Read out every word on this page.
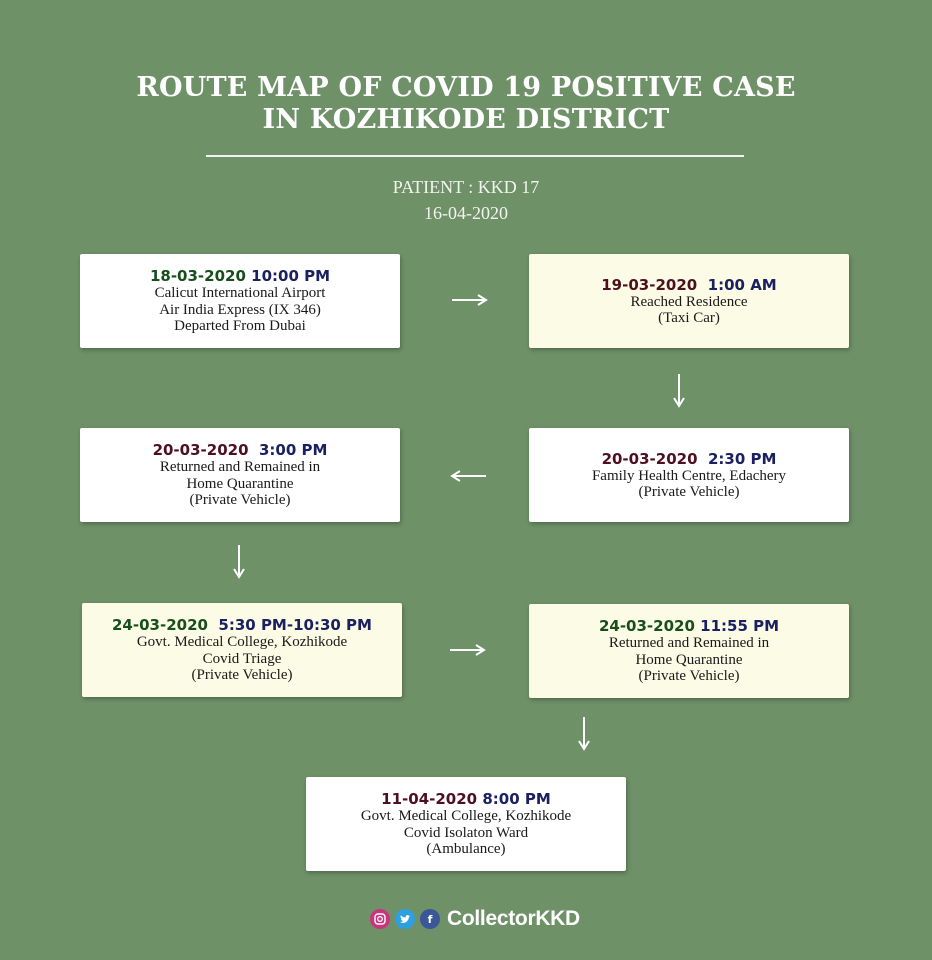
ROUTE MAP OF COVID 19 POSITIVE CASE
IN KOZHIKODE DISTRICT
PATIENT : KKD 17
16-04-2020
18-03-2020 10:00 PM
Calicut International Airport
Air India Express (IX 346)
Departed From Dubai
19-03-2020 1:00 AM
Reached Residence
(Taxi Car)
20-03-2020 2:30 PM
Family Health Centre, Edachery
(Private Vehicle)
20-03-2020 3:00 PM
Returned and Remained in
Home Quarantine
(Private Vehicle)
24-03-2020 5:30 PM-10:30 PM
Govt. Medical College, Kozhikode
Covid Triage
(Private Vehicle)
24-03-2020 11:55 PM
Returned and Remained in
Home Quarantine
(Private Vehicle)
11-04-2020 8:00 PM
Govt. Medical College, Kozhikode
Covid Isolaton Ward
(Ambulance)
f CollectorKKD
